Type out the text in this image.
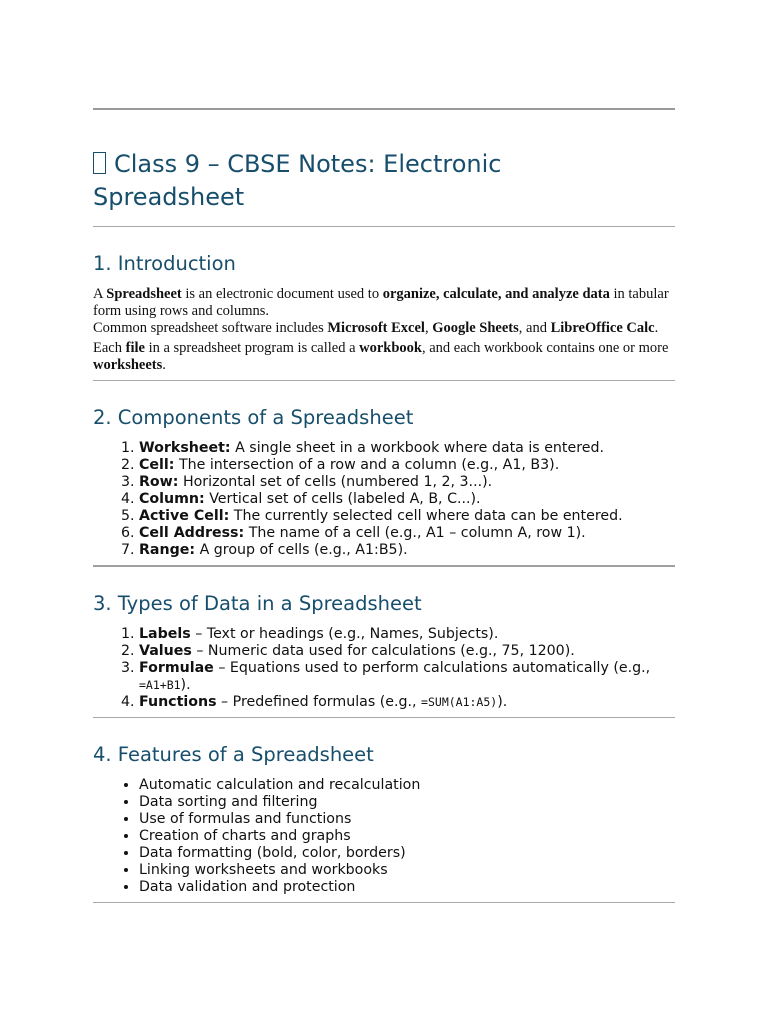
Class 9 – CBSE Notes: Electronic
Spreadsheet
1. Introduction

A Spreadsheet is an electronic document used to organize, calculate, and analyze data in tabular form using rows and columns.

Common spreadsheet software includes Microsoft Excel, Google Sheets, and LibreOffice Calc.

Each file in a spreadsheet program is called a workbook, and each workbook contains one or more worksheets.

2. Components of a Spreadsheet
1. Worksheet: A single sheet in a workbook where data is entered.
2. Cell: The intersection of a row and a column (e.g., A1, B3).
3. Row: Horizontal set of cells (numbered 1, 2, 3...).
4. Column: Vertical set of cells (labeled A, B, C...).
5. Active Cell: The currently selected cell where data can be entered.
6. Cell Address: The name of a cell (e.g., A1 – column A, row 1).
7. Range: A group of cells (e.g., A1:B5).
3. Types of Data in a Spreadsheet
1. Labels – Text or headings (e.g., Names, Subjects).
2. Values – Numeric data used for calculations (e.g., 75, 1200).
3. Formulae – Equations used to perform calculations automatically (e.g., =A1+B1).
4. Functions – Predefined formulas (e.g., =SUM(A1:A5)).
4. Features of a Spreadsheet
• Automatic calculation and recalculation
• Data sorting and filtering
• Use of formulas and functions
• Creation of charts and graphs
• Data formatting (bold, color, borders)
• Linking worksheets and workbooks
• Data validation and protection
